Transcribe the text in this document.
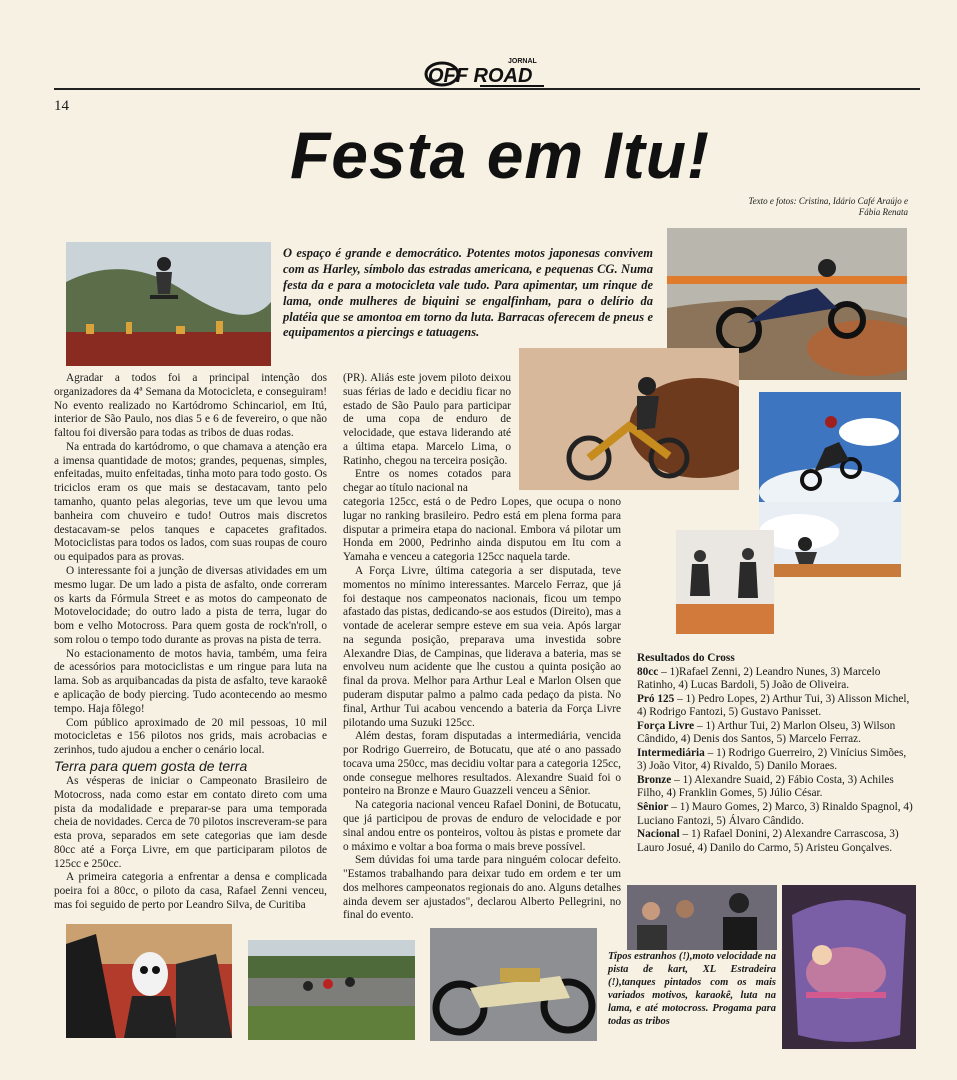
JORNAL
OFF ROAD
14
Festa em Itu!
Texto e fotos: Cristina, Idário Café Araújo e Fábia Renata
O espaço é grande e democrático. Potentes motos japonesas convivem com as Harley, símbolo das estradas americana, e pequenas CG. Numa festa da e para a motocicleta vale tudo. Para apimentar, um rinque de lama, onde mulheres de biquini se engalfinham, para o delírio da platéia que se amontoa em torno da luta. Barracas oferecem de pneus e equipamentos a piercings e tatuagens.

Agradar a todos foi a principal intenção dos organizadores da 4ª Semana da Motocicleta, e conseguiram! No evento realizado no Kartódromo Schincariol, em Itú, interior de São Paulo, nos dias 5 e 6 de fevereiro, o que não faltou foi diversão para todas as tribos de duas rodas.

Na entrada do kartódromo, o que chamava a atenção era a imensa quantidade de motos; grandes, pequenas, simples, enfeitadas, muito enfeitadas, tinha moto para todo gosto. Os triciclos eram os que mais se destacavam, tanto pelo tamanho, quanto pelas alegorias, teve um que levou uma banheira com chuveiro e tudo! Outros mais discretos destacavam-se pelos tanques e capacetes grafitados. Motociclistas para todos os lados, com suas roupas de couro ou equipados para as provas.

O interessante foi a junção de diversas atividades em um mesmo lugar. De um lado a pista de asfalto, onde correram os karts da Fórmula Street e as motos do campeonato de Motovelocidade; do outro lado a pista de terra, lugar do bom e velho Motocross. Para quem gosta de rock'n'roll, o som rolou o tempo todo durante as provas na pista de terra.

No estacionamento de motos havia, também, uma feira de acessórios para motociclistas e um ringue para luta na lama. Sob as arquibancadas da pista de asfalto, teve karaokê e aplicação de body piercing. Tudo acontecendo ao mesmo tempo. Haja fôlego!

Com público aproximado de 20 mil pessoas, 10 mil motocicletas e 156 pilotos nos grids, mais acrobacias e zerinhos, tudo ajudou a encher o cenário local.

Terra para quem gosta de terra

As vésperas de iniciar o Campeonato Brasileiro de Motocross, nada como estar em contato direto com uma pista da modalidade e preparar-se para uma temporada cheia de novidades. Cerca de 70 pilotos inscreveram-se para esta prova, separados em sete categorias que iam desde 80cc até a Força Livre, em que participaram pilotos de 125cc e 250cc.

A primeira categoria a enfrentar a densa e complicada poeira foi a 80cc, o piloto da casa, Rafael Zenni venceu, mas foi seguido de perto por Leandro Silva, de Curitiba

(PR). Aliás este jovem piloto deixou suas férias de lado e decidiu ficar no estado de São Paulo para participar de uma copa de enduro de velocidade, que estava liderando até a última etapa. Marcelo Lima, o Ratinho, chegou na terceira posição.

Entre os nomes cotados para chegar ao título nacional na

categoria 125cc, está o de Pedro Lopes, que ocupa o nono lugar no ranking brasileiro. Pedro está em plena forma para disputar a primeira etapa do nacional. Embora vá pilotar um Honda em 2000, Pedrinho ainda disputou em Itu com a Yamaha e venceu a categoria 125cc naquela tarde.

A Força Livre, última categoria a ser disputada, teve momentos no mínimo interessantes. Marcelo Ferraz, que já foi destaque nos campeonatos nacionais, ficou um tempo afastado das pistas, dedicando-se aos estudos (Direito), mas a vontade de acelerar sempre esteve em sua veia. Após largar na segunda posição, preparava uma investida sobre Alexandre Dias, de Campinas, que liderava a bateria, mas se envolveu num acidente que lhe custou a quinta posição ao final da prova. Melhor para Arthur Leal e Marlon Olsen que puderam disputar palmo a palmo cada pedaço da pista. No final, Arthur Tui acabou vencendo a bateria da Força Livre pilotando uma Suzuki 125cc.

Além destas, foram disputadas a intermediária, vencida por Rodrigo Guerreiro, de Botucatu, que até o ano passado tocava uma 250cc, mas decidiu voltar para a categoria 125cc, onde consegue melhores resultados. Alexandre Suaid foi o ponteiro na Bronze e Mauro Guazzeli venceu a Sênior.

Na categoria nacional venceu Rafael Donini, de Botucatu, que já participou de provas de enduro de velocidade e por sinal andou entre os ponteiros, voltou às pistas e promete dar o máximo e voltar a boa forma o mais breve possível.

Sem dúvidas foi uma tarde para ninguém colocar defeito. "Estamos trabalhando para deixar tudo em ordem e ter um dos melhores campeonatos regionais do ano. Alguns detalhes ainda devem ser ajustados", declarou Alberto Pellegrini, no final do evento.

Resultados do Cross

80cc – 1)Rafael Zenni, 2) Leandro Nunes, 3) Marcelo Ratinho, 4) Lucas Bardoli, 5) João de Oliveira.

Pró 125 – 1) Pedro Lopes, 2) Arthur Tui, 3) Alisson Michel, 4) Rodrigo Fantozi, 5) Gustavo Panisset.

Força Livre – 1) Arthur Tui, 2) Marlon Olseu, 3) Wilson Cândido, 4) Denis dos Santos, 5) Marcelo Ferraz.

Intermediária – 1) Rodrigo Guerreiro, 2) Vinícius Simões, 3) João Vitor, 4) Rivaldo, 5) Danilo Moraes.

Bronze – 1) Alexandre Suaid, 2) Fábio Costa, 3) Achiles Filho, 4) Franklin Gomes, 5) Júlio César.

Sênior – 1) Mauro Gomes, 2) Marco, 3) Rinaldo Spagnol, 4) Luciano Fantozi, 5) Álvaro Cândido.

Nacional – 1) Rafael Donini, 2) Alexandre Carrascosa, 3) Lauro Josué, 4) Danilo do Carmo, 5) Aristeu Gonçalves.

Tipos estranhos (!),moto velocidade na pista de kart, XL Estradeira (!),tanques pintados com os mais variados motivos, karaokê, luta na lama, e até motocross. Progama para todas as tribos
